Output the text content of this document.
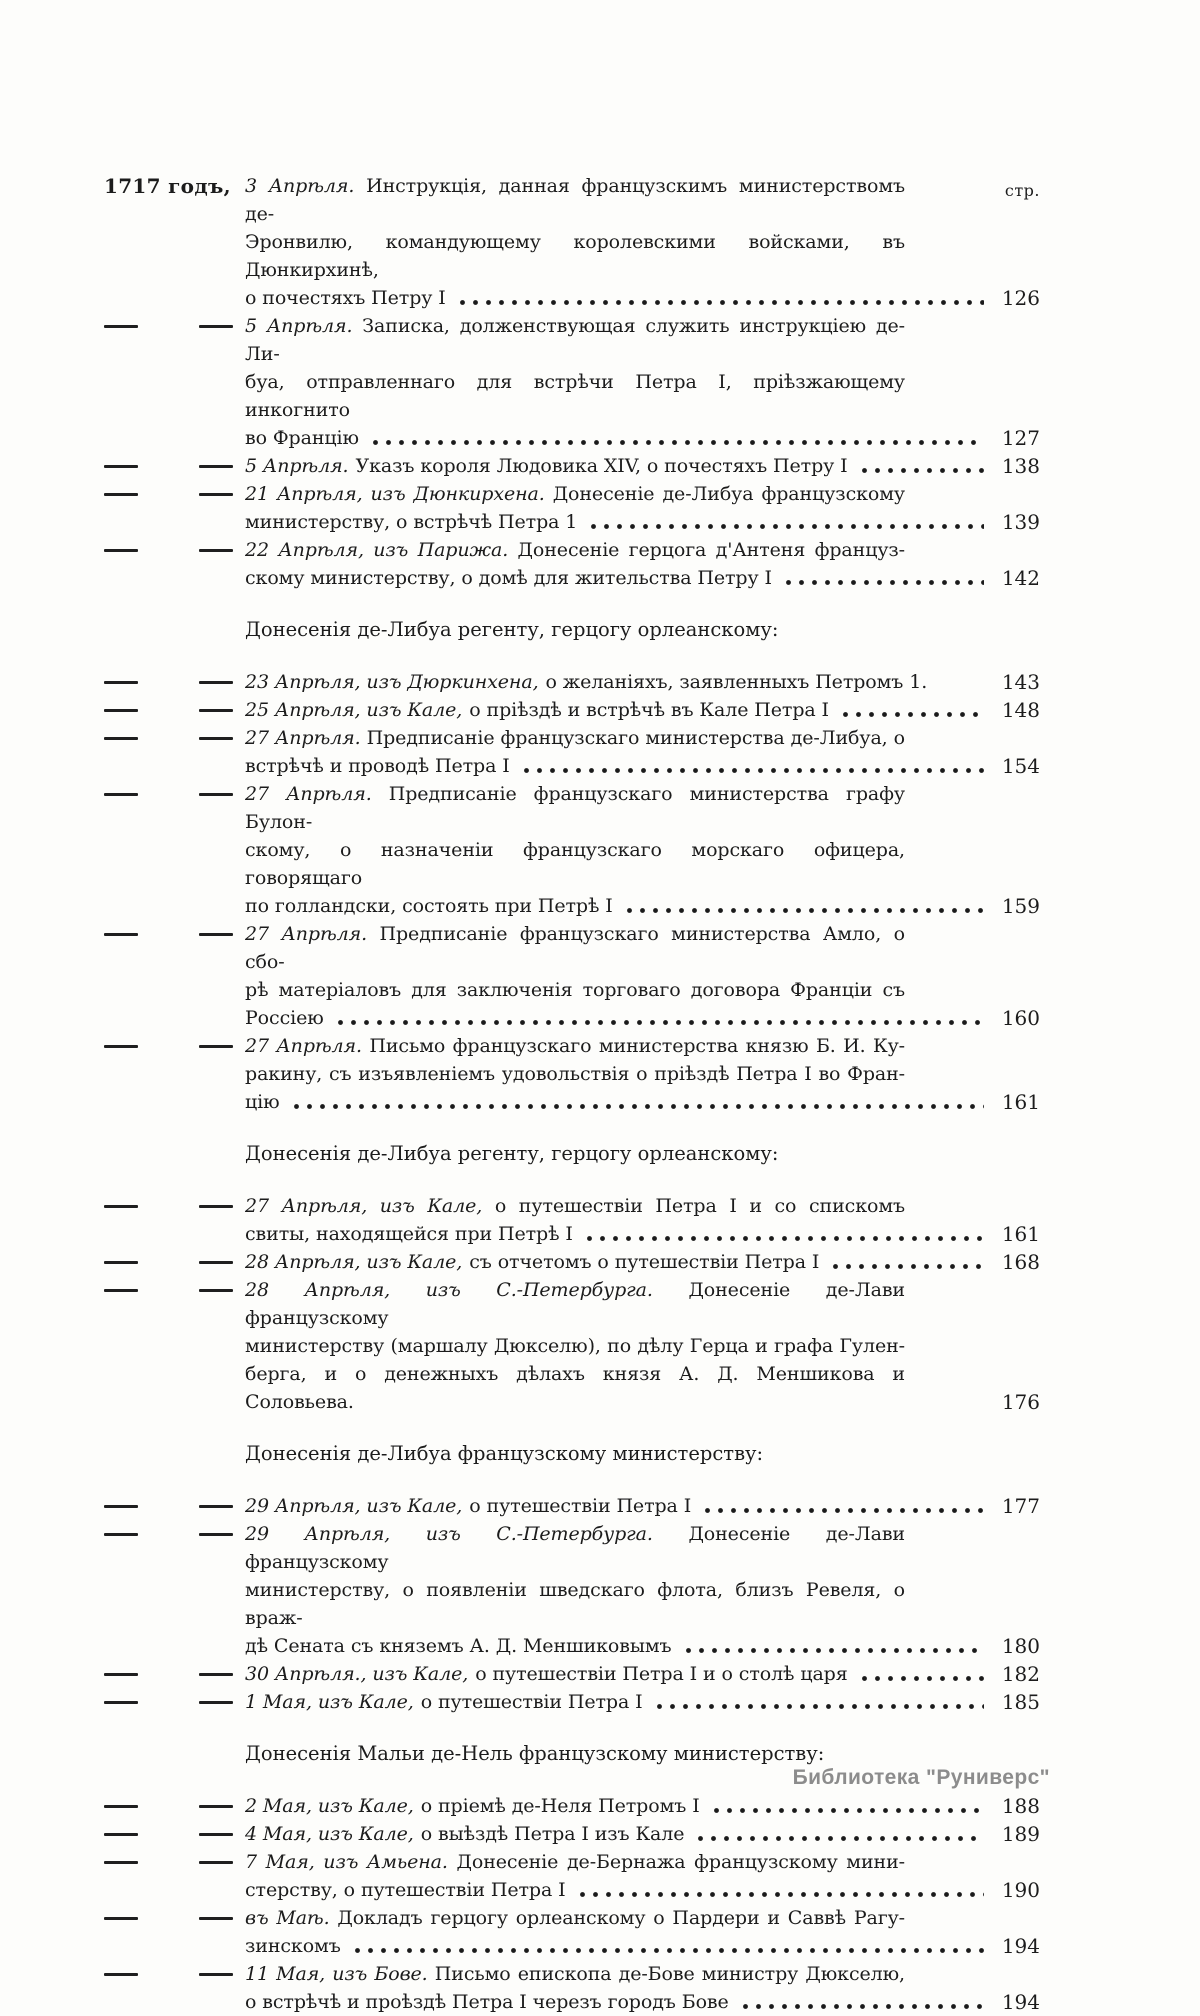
стр.
1717 годъ, 3 Апрѣля. Инструкція, данная французскимъ министерствомъ де-
Эронвилю, командующему королевскими войсками, въ Дюнкирхинѣ,
о почестяхъ Петру I	126
5 Апрѣля. Записка, долженствующая служить инструкціею де-Ли-
буа, отправленнаго для встрѣчи Петра I, пріѣзжающему инкогнито
во Францію	127
5 Апрѣля. Указъ короля Людовика XIV, о почестяхъ Петру I	138
21 Апрѣля, изъ Дюнкирхена. Донесеніе де-Либуа французскому
министерству, о встрѣчѣ Петра 1	139
22 Апрѣля, изъ Парижа. Донесеніе герцога д'Антеня француз-
скому министерству, о домѣ для жительства Петру I	142
Донесенія де-Либуа регенту, герцогу орлеанскому:
23 Апрѣля, изъ Дюркинхена, о желаніяхъ, заявленныхъ Петромъ 1.	143
25 Апрѣля, изъ Кале, о пріѣздѣ и встрѣчѣ въ Кале Петра I	148
27 Апрѣля. Предписаніе французскаго министерства де-Либуа, о
встрѣчѣ и проводѣ Петра I	154
27 Апрѣля. Предписаніе французскаго министерства графу Булон-
скому, о назначеніи французскаго морскаго офицера, говорящаго
по голландски, состоять при Петрѣ I	159
27 Апрѣля. Предписаніе французскаго министерства Амло, о сбо-
рѣ матеріаловъ для заключенія торговаго договора Франціи съ
Россіею	160
27 Апрѣля. Письмо французскаго министерства князю Б. И. Ку-
ракину, съ изъявленіемъ удовольствія о пріѣздѣ Петра I во Фран-
цію	161
Донесенія де-Либуа регенту, герцогу орлеанскому:
27 Апрѣля, изъ Кале, о путешествіи Петра I и со спискомъ
свиты, находящейся при Петрѣ I	161
28 Апрѣля, изъ Кале, съ отчетомъ о путешествіи Петра I	168
28 Апрѣля, изъ С.-Петербурга. Донесеніе де-Лави французскому
министерству (маршалу Дюкселю), по дѣлу Герца и графа Гулен-
берга, и о денежныхъ дѣлахъ князя А. Д. Меншикова и Соловьева.	176
Донесенія де-Либуа французскому министерству:
29 Апрѣля, изъ Кале, о путешествіи Петра I	177
29 Апрѣля, изъ С.-Петербурга. Донесеніе де-Лави французскому
министерству, о появленіи шведскаго флота, близъ Ревеля, о враж-
дѣ Сената съ княземъ А. Д. Меншиковымъ	180
30 Апрѣля., изъ Кале, о путешествіи Петра I и о столѣ царя	182
1 Мая, изъ Кале, о путешествіи Петра I	185
Донесенія Мальи де-Нель французскому министерству:
2 Мая, изъ Кале, о пріемѣ де-Неля Петромъ I	188
4 Мая, изъ Кале, о выѣздѣ Петра I изъ Кале	189
7 Мая, изъ Амьена. Донесеніе де-Бернажа французскому мини-
стерству, о путешествіи Петра I	190
въ Маѣ. Докладъ герцогу орлеанскому о Пардери и Саввѣ Рагу-
зинскомъ	194
11 Мая, изъ Бове. Письмо епископа де-Бове министру Дюкселю,
о встрѣчѣ и проѣздѣ Петра I черезъ городъ Бове	194
Библиотека "Руниверс"
